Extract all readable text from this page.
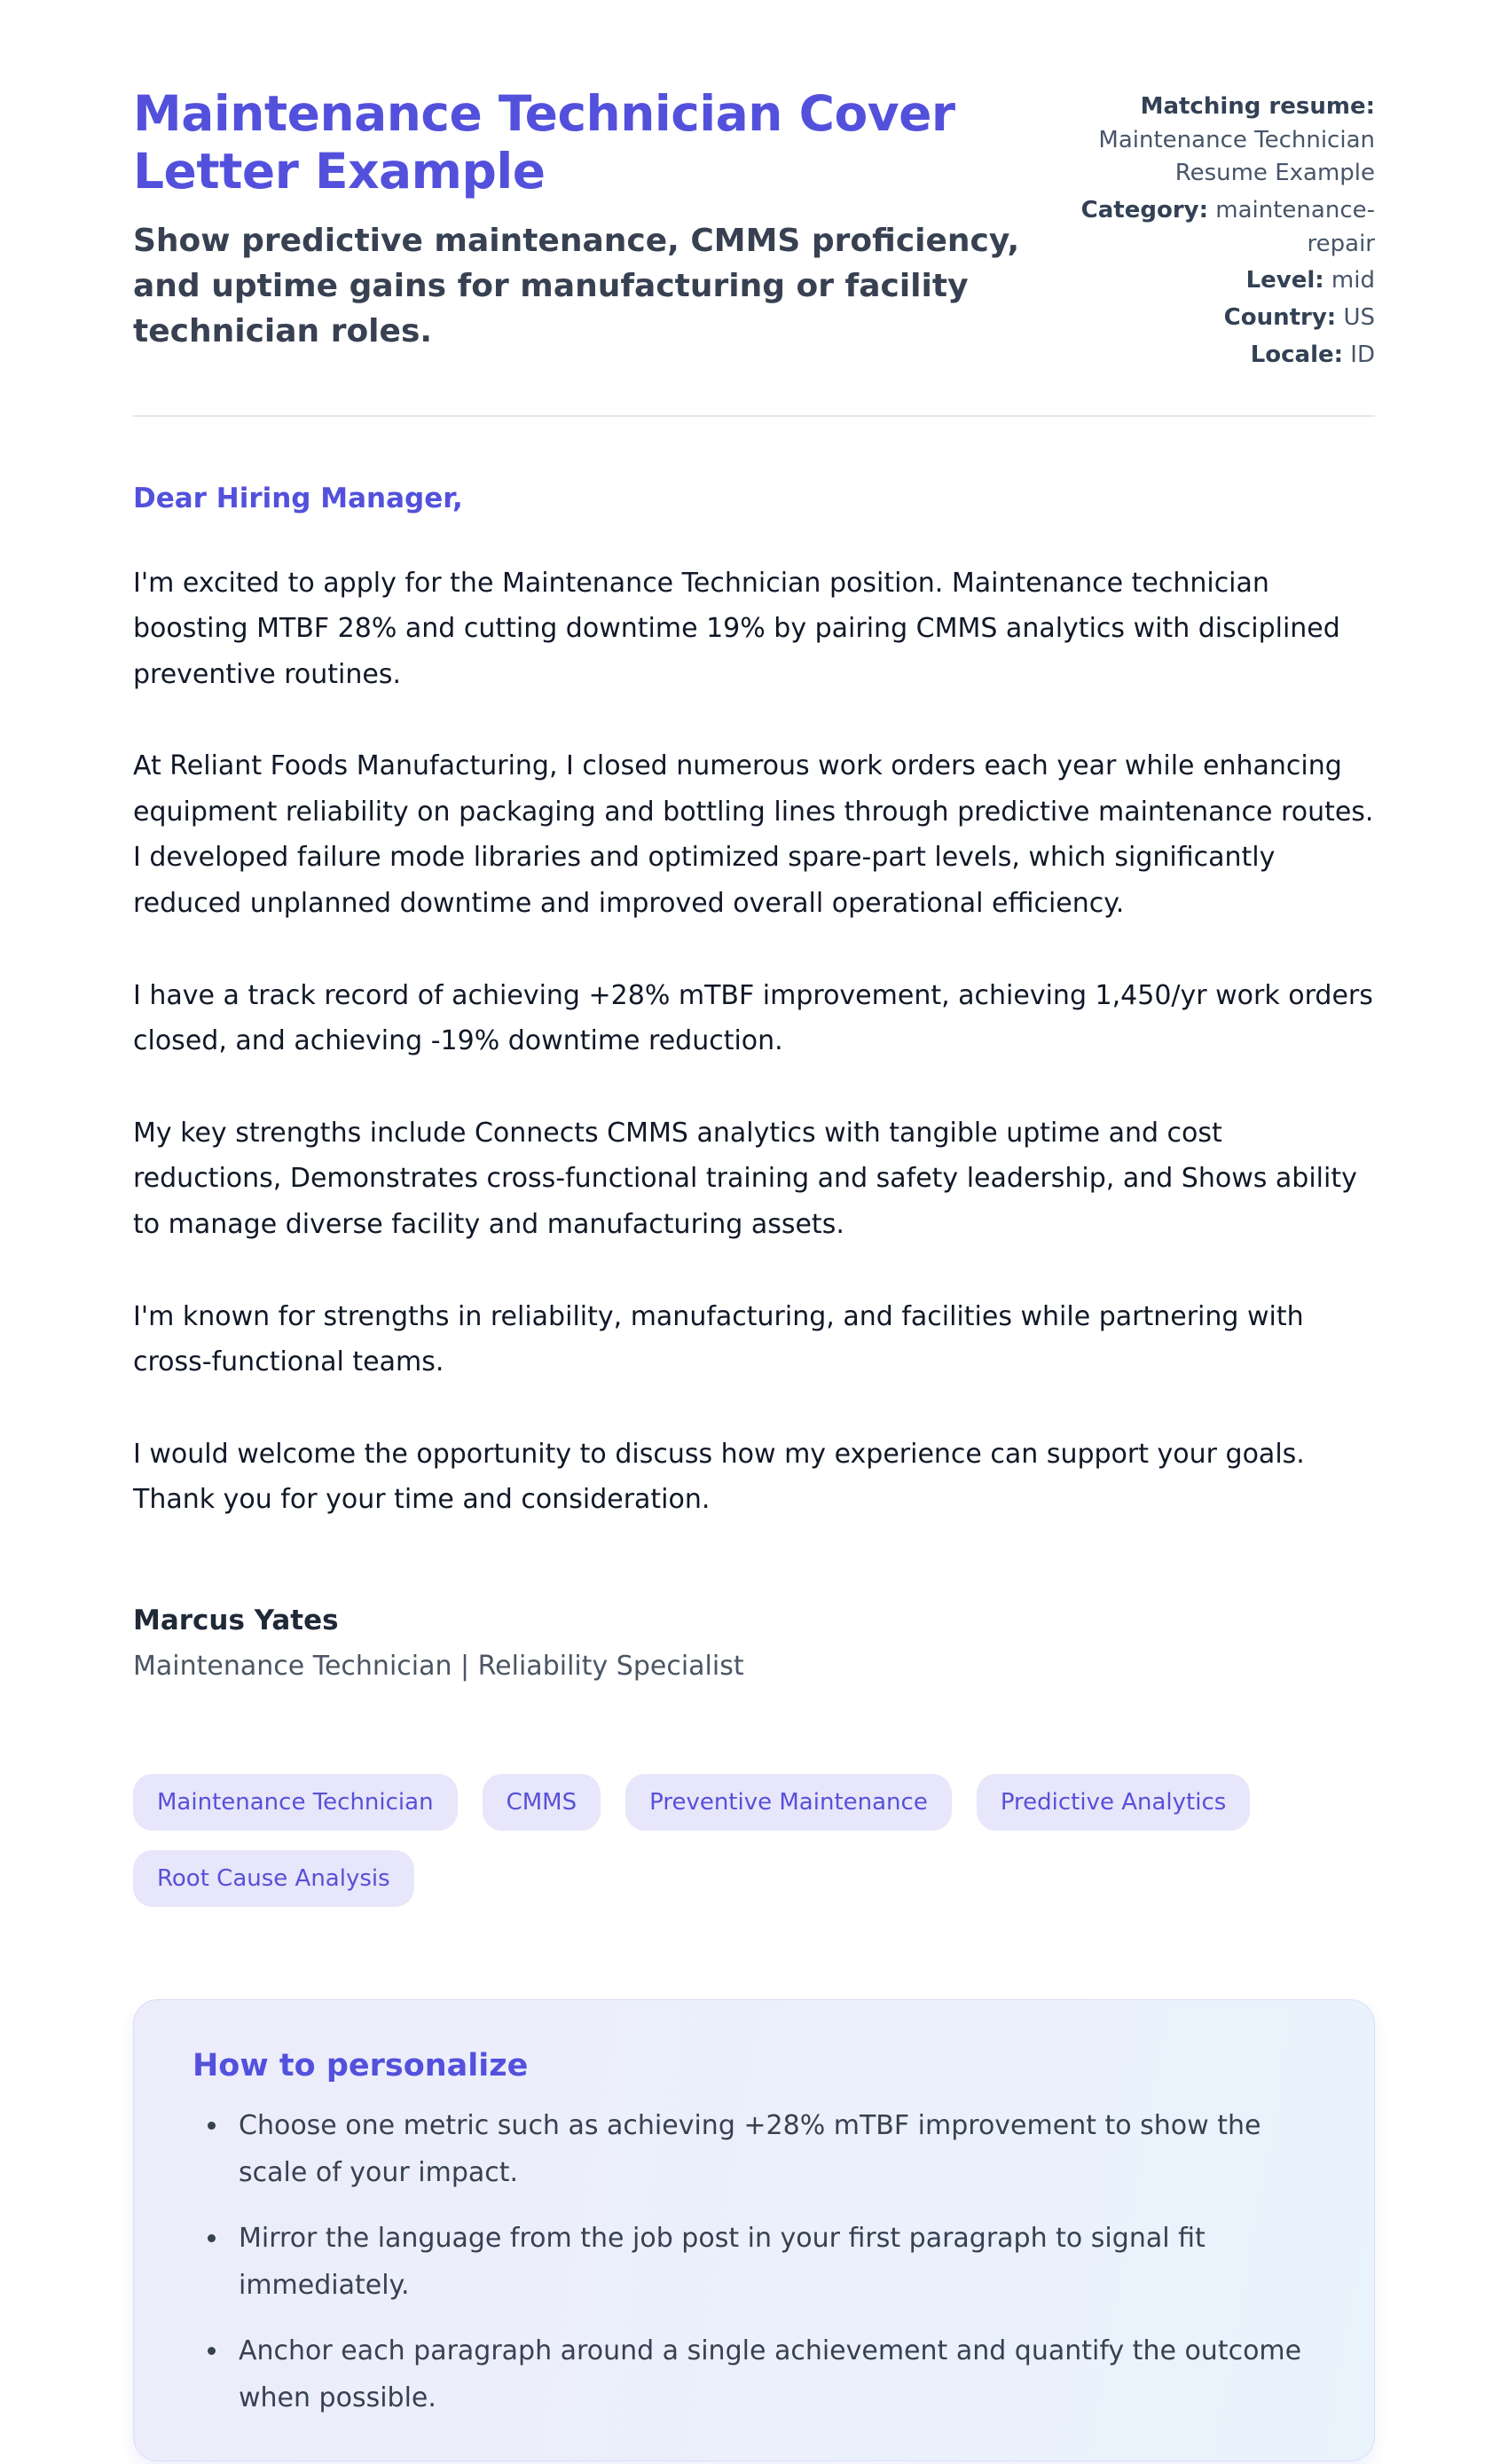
Maintenance Technician Cover Letter Example

Show predictive maintenance, CMMS proficiency, and uptime gains for manufacturing or facility technician roles.

Matching resume: Maintenance Technician Resume Example
Category: maintenance-repair
Level: mid
Country: US
Locale: ID

Dear Hiring Manager,

I'm excited to apply for the Maintenance Technician position. Maintenance technician boosting MTBF 28% and cutting downtime 19% by pairing CMMS analytics with disciplined preventive routines.

At Reliant Foods Manufacturing, I closed numerous work orders each year while enhancing equipment reliability on packaging and bottling lines through predictive maintenance routes. I developed failure mode libraries and optimized spare-part levels, which significantly reduced unplanned downtime and improved overall operational efficiency.

I have a track record of achieving +28% mTBF improvement, achieving 1,450/yr work orders closed, and achieving -19% downtime reduction.

My key strengths include Connects CMMS analytics with tangible uptime and cost reductions, Demonstrates cross-functional training and safety leadership, and Shows ability to manage diverse facility and manufacturing assets.

I'm known for strengths in reliability, manufacturing, and facilities while partnering with cross-functional teams.

I would welcome the opportunity to discuss how my experience can support your goals. Thank you for your time and consideration.

Marcus Yates

Maintenance Technician | Reliability Specialist

Maintenance Technician	CMMS	Preventive Maintenance	Predictive Analytics
Root Cause Analysis
How to personalize
• Choose one metric such as achieving +28% mTBF improvement to show the scale of your impact.
• Mirror the language from the job post in your first paragraph to signal fit immediately.
• Anchor each paragraph around a single achievement and quantify the outcome when possible.
